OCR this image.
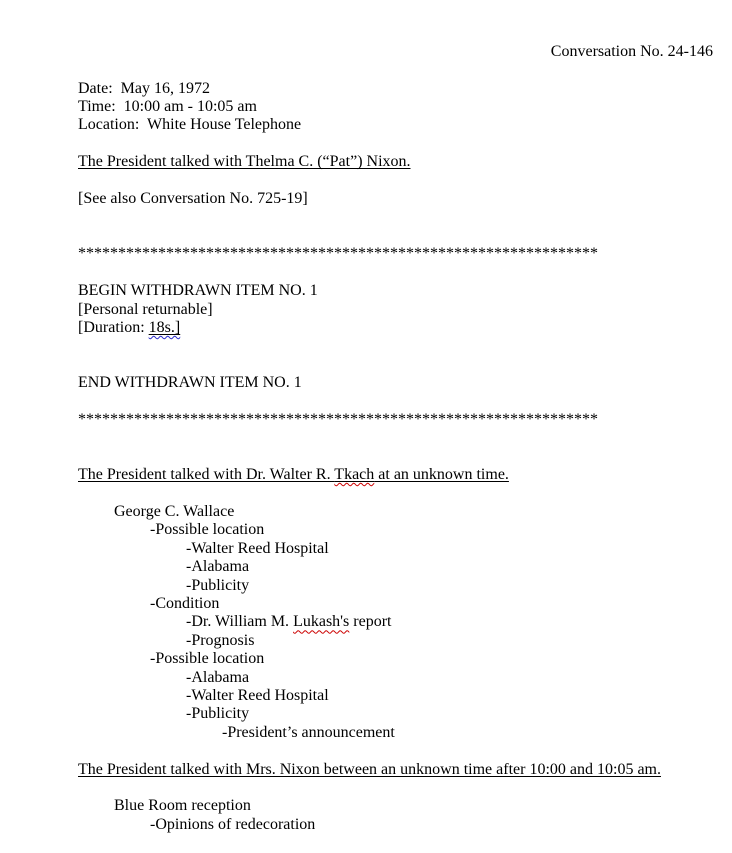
Conversation No. 24-146

Date:  May 16, 1972
Time:  10:00 am - 10:05 am
Location:  White House Telephone

The President talked with Thelma C. (“Pat”) Nixon.

[See also Conversation No. 725-19]

*****************************************************************

BEGIN WITHDRAWN ITEM NO. 1
[Personal returnable]
[Duration: 18s.]

END WITHDRAWN ITEM NO. 1

*****************************************************************

The President talked with Dr. Walter R. Tkach at an unknown time.

George C. Wallace
-Possible location
-Walter Reed Hospital
-Alabama
-Publicity
-Condition
-Dr. William M. Lukash's report
-Prognosis
-Possible location
-Alabama
-Walter Reed Hospital
-Publicity
-President’s announcement

The President talked with Mrs. Nixon between an unknown time after 10:00 and 10:05 am.

Blue Room reception
-Opinions of redecoration
